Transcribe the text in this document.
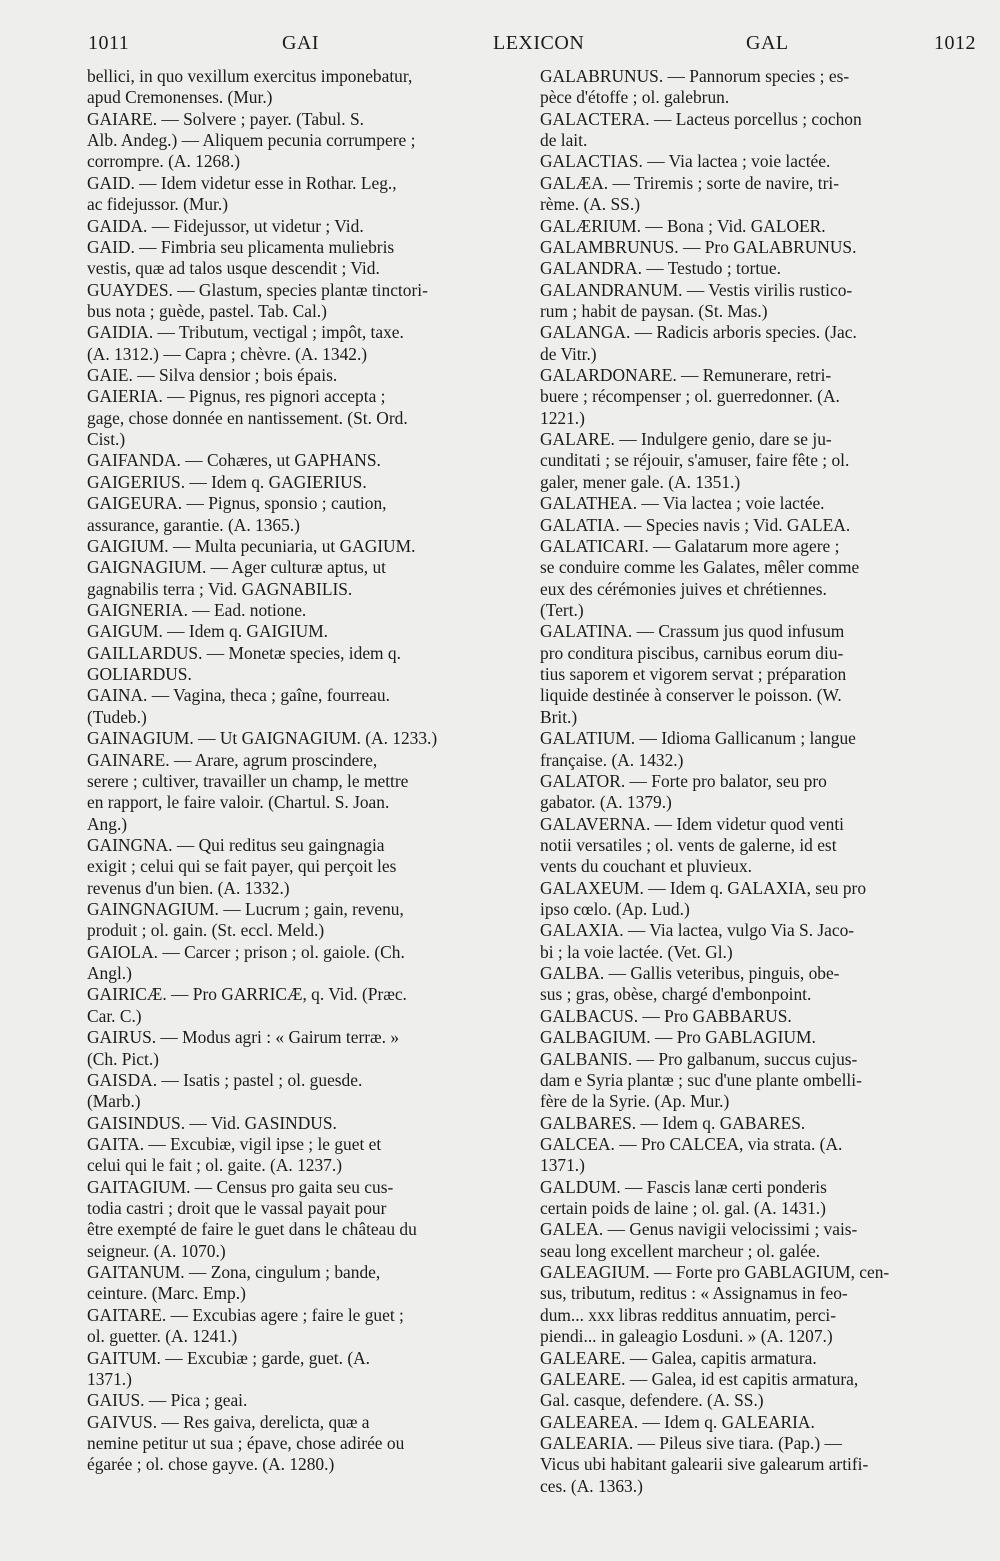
1011	GAI	LEXICON	GAL	1012
bellici, in quo vexillum exercitus imponebatur,
apud Cremonenses. (Mur.)
GAIARE. — Solvere ; payer. (Tabul. S.
Alb. Andeg.) — Aliquem pecunia corrumpere ;
corrompre. (A. 1268.)
GAID. — Idem videtur esse in Rothar. Leg.,
ac fidejussor. (Mur.)
GAIDA. — Fidejussor, ut videtur ; Vid.
GAID. — Fimbria seu plicamenta muliebris
vestis, quæ ad talos usque descendit ; Vid.
GUAYDES. — Glastum, species plantæ tinctori-
bus nota ; guède, pastel. Tab. Cal.)
GAIDIA. — Tributum, vectigal ; impôt, taxe.
(A. 1312.) — Capra ; chèvre. (A. 1342.)
GAIE. — Silva densior ; bois épais.
GAIERIA. — Pignus, res pignori accepta ;
gage, chose donnée en nantissement. (St. Ord.
Cist.)
GAIFANDA. — Cohæres, ut GAPHANS.
GAIGERIUS. — Idem q. GAGIERIUS.
GAIGEURA. — Pignus, sponsio ; caution,
assurance, garantie. (A. 1365.)
GAIGIUM. — Multa pecuniaria, ut GAGIUM.
GAIGNAGIUM. — Ager culturæ aptus, ut
gagnabilis terra ; Vid. GAGNABILIS.
GAIGNERIA. — Ead. notione.
GAIGUM. — Idem q. GAIGIUM.
GAILLARDUS. — Monetæ species, idem q.
GOLIARDUS.
GAINA. — Vagina, theca ; gaîne, fourreau.
(Tudeb.)
GAINAGIUM. — Ut GAIGNAGIUM. (A. 1233.)
GAINARE. — Arare, agrum proscindere,
serere ; cultiver, travailler un champ, le mettre
en rapport, le faire valoir. (Chartul. S. Joan.
Ang.)
GAINGNA. — Qui reditus seu gaingnagia
exigit ; celui qui se fait payer, qui perçoit les
revenus d'un bien. (A. 1332.)
GAINGNAGIUM. — Lucrum ; gain, revenu,
produit ; ol. gain. (St. eccl. Meld.)
GAIOLA. — Carcer ; prison ; ol. gaiole. (Ch.
Angl.)
GAIRICÆ. — Pro GARRICÆ, q. Vid. (Præc.
Car. C.)
GAIRUS. — Modus agri : « Gairum terræ. »
(Ch. Pict.)
GAISDA. — Isatis ; pastel ; ol. guesde.
(Marb.)
GAISINDUS. — Vid. GASINDUS.
GAITA. — Excubiæ, vigil ipse ; le guet et
celui qui le fait ; ol. gaite. (A. 1237.)
GAITAGIUM. — Census pro gaita seu cus-
todia castri ; droit que le vassal payait pour
être exempté de faire le guet dans le château du
seigneur. (A. 1070.)
GAITANUM. — Zona, cingulum ; bande,
ceinture. (Marc. Emp.)
GAITARE. — Excubias agere ; faire le guet ;
ol. guetter. (A. 1241.)
GAITUM. — Excubiæ ; garde, guet. (A.
1371.)
GAIUS. — Pica ; geai.
GAIVUS. — Res gaiva, derelicta, quæ a
nemine petitur ut sua ; épave, chose adirée ou
égarée ; ol. chose gayve. (A. 1280.)
GALABRUNUS. — Pannorum species ; es-
pèce d'étoffe ; ol. galebrun.
GALACTERA. — Lacteus porcellus ; cochon
de lait.
GALACTIAS. — Via lactea ; voie lactée.
GALÆA. — Triremis ; sorte de navire, tri-
rème. (A. SS.)
GALÆRIUM. — Bona ; Vid. GALOER.
GALAMBRUNUS. — Pro GALABRUNUS.
GALANDRA. — Testudo ; tortue.
GALANDRANUM. — Vestis virilis rustico-
rum ; habit de paysan. (St. Mas.)
GALANGA. — Radicis arboris species. (Jac.
de Vitr.)
GALARDONARE. — Remunerare, retri-
buere ; récompenser ; ol. guerredonner. (A.
1221.)
GALARE. — Indulgere genio, dare se ju-
cunditati ; se réjouir, s'amuser, faire fête ; ol.
galer, mener gale. (A. 1351.)
GALATHEA. — Via lactea ; voie lactée.
GALATIA. — Species navis ; Vid. GALEA.
GALATICARI. — Galatarum more agere ;
se conduire comme les Galates, mêler comme
eux des cérémonies juives et chrétiennes.
(Tert.)
GALATINA. — Crassum jus quod infusum
pro conditura piscibus, carnibus eorum diu-
tius saporem et vigorem servat ; préparation
liquide destinée à conserver le poisson. (W.
Brit.)
GALATIUM. — Idioma Gallicanum ; langue
française. (A. 1432.)
GALATOR. — Forte pro balator, seu pro
gabator. (A. 1379.)
GALAVERNA. — Idem videtur quod venti
notii versatiles ; ol. vents de galerne, id est
vents du couchant et pluvieux.
GALAXEUM. — Idem q. GALAXIA, seu pro
ipso cœlo. (Ap. Lud.)
GALAXIA. — Via lactea, vulgo Via S. Jaco-
bi ; la voie lactée. (Vet. Gl.)
GALBA. — Gallis veteribus, pinguis, obe-
sus ; gras, obèse, chargé d'embonpoint.
GALBACUS. — Pro GABBARUS.
GALBAGIUM. — Pro GABLAGIUM.
GALBANIS. — Pro galbanum, succus cujus-
dam e Syria plantæ ; suc d'une plante ombelli-
fère de la Syrie. (Ap. Mur.)
GALBARES. — Idem q. GABARES.
GALCEA. — Pro CALCEA, via strata. (A.
1371.)
GALDUM. — Fascis lanæ certi ponderis
certain poids de laine ; ol. gal. (A. 1431.)
GALEA. — Genus navigii velocissimi ; vais-
seau long excellent marcheur ; ol. galée.
GALEAGIUM. — Forte pro GABLAGIUM, cen-
sus, tributum, reditus : « Assignamus in feo-
dum... xxx libras redditus annuatim, perci-
piendi... in galeagio Losduni. » (A. 1207.)
GALEARE. — Galea, capitis armatura.
GALEARE. — Galea, id est capitis armatura,
Gal. casque, defendere. (A. SS.)
GALEAREA. — Idem q. GALEARIA.
GALEARIA. — Pileus sive tiara. (Pap.) —
Vicus ubi habitant galearii sive galearum artifi-
ces. (A. 1363.)
